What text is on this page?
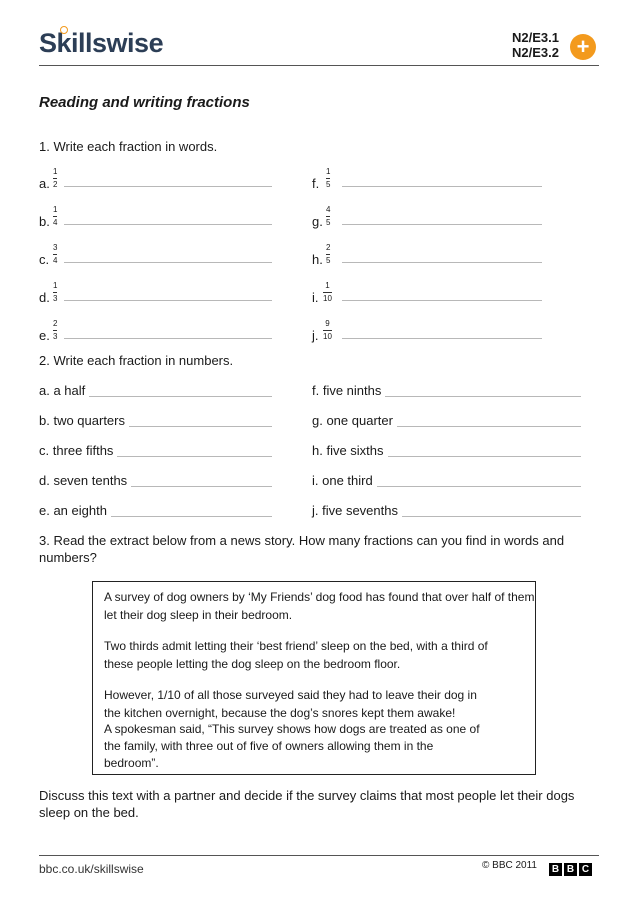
Skillswise	N2/E3.1
N2/E3.2 +
Reading and writing fractions
1. Write each fraction in words.
a.
1
2
b.
1
4
c.
3
4
d.
1
3
e.
2
3
f.
1
5
g.
4
5
h.
2
5
i.
1
10
j.
9
10
2. Write each fraction in numbers.
a. a half
b. two quarters
c. three fifths
d. seven tenths
e. an eighth
f. five ninths
g. one quarter
h. five sixths
i. one third
j. five sevenths
3. Read the extract below from a news story. How many fractions can you find in words and
numbers?
A survey of dog owners by ‘My Friends’ dog food has found that over half of them
let their dog sleep in their bedroom.
Two thirds admit letting their ‘best friend’ sleep on the bed, with a third of
these people letting the dog sleep on the bedroom floor.
However, 1/10 of all those surveyed said they had to leave their dog in
the kitchen overnight, because the dog’s snores kept them awake!
A spokesman said, “This survey shows how dogs are treated as one of
the family, with three out of five of owners allowing them in the
bedroom”.
Discuss this text with a partner and decide if the survey claims that most people let their dogs
sleep on the bed.
bbc.co.uk/skillswise	© BBC 2011	B B C
